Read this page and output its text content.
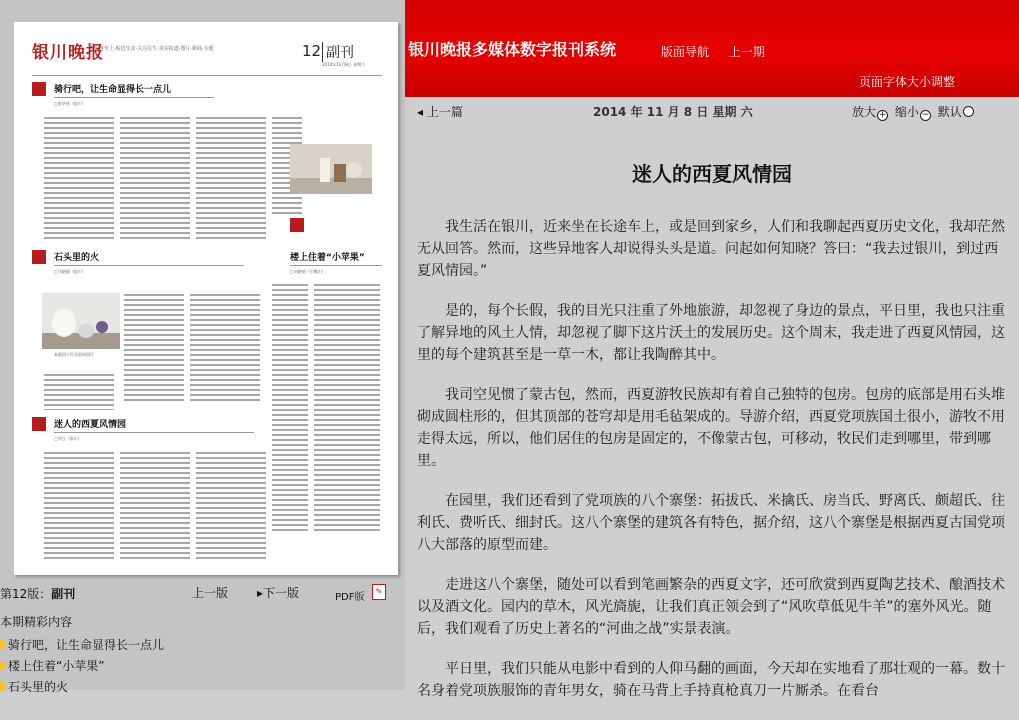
银川晚报
服务至上·贴近生活·关注民生·真实报道·图片·新闻·专题	12 副刊
2014年11月8日 星期六
骑行吧，让生命显得长一点儿
□张华伟（银川）
石头里的火
□马晓丽（银川）
本版图片均为资料图片
楼上住着“小苹果”
□刘晓丽（石嘴山）
迷人的西夏风情园
□刘立（银川）
第12版：副刊	上一版 ▸下一版	PDF版
✎
本期精彩内容
骑行吧，让生命显得长一点儿
楼上住着“小苹果”
石头里的火
银川晚报多媒体数字报刊系统	版面导航 上一期
页面字体大小调整
◂ 上一篇	2014 年 11 月 8 日 星期 六	放大 + 缩小 − 默认
迷人的西夏风情园

我生活在银川，近来坐在长途车上，或是回到家乡，人们和我聊起西夏历史文化，我却茫然无从回答。然而，这些异地客人却说得头头是道。问起如何知晓？答曰：“我去过银川，到过西夏风情园。”

是的，每个长假，我的目光只注重了外地旅游，却忽视了身边的景点，平日里，我也只注重了解异地的风土人情，却忽视了脚下这片沃土的发展历史。这个周末，我走进了西夏风情园，这里的每个建筑甚至是一草一木，都让我陶醉其中。

我司空见惯了蒙古包，然而，西夏游牧民族却有着自己独特的包房。包房的底部是用石头堆砌成圆柱形的，但其顶部的苍穹却是用毛毡架成的。导游介绍，西夏党项族国土很小，游牧不用走得太远，所以，他们居住的包房是固定的，不像蒙古包，可移动，牧民们走到哪里，带到哪里。

在园里，我们还看到了党项族的八个寨堡：拓拔氏、米擒氏、房当氏、野离氏、颇超氏、往利氏、费听氏、细封氏。这八个寨堡的建筑各有特色，据介绍，这八个寨堡是根据西夏古国党项八大部落的原型而建。

走进这八个寨堡，随处可以看到笔画繁杂的西夏文字，还可欣赏到西夏陶艺技术、酿酒技术以及酒文化。园内的草木，风光旖旎，让我们真正领会到了“风吹草低见牛羊”的塞外风光。随后，我们观看了历史上著名的“河曲之战”实景表演。

平日里，我们只能从电影中看到的人仰马翻的画面，今天却在实地看了那壮观的一幕。数十名身着党项族服饰的青年男女，骑在马背上手持真枪真刀一片厮杀。在看台
